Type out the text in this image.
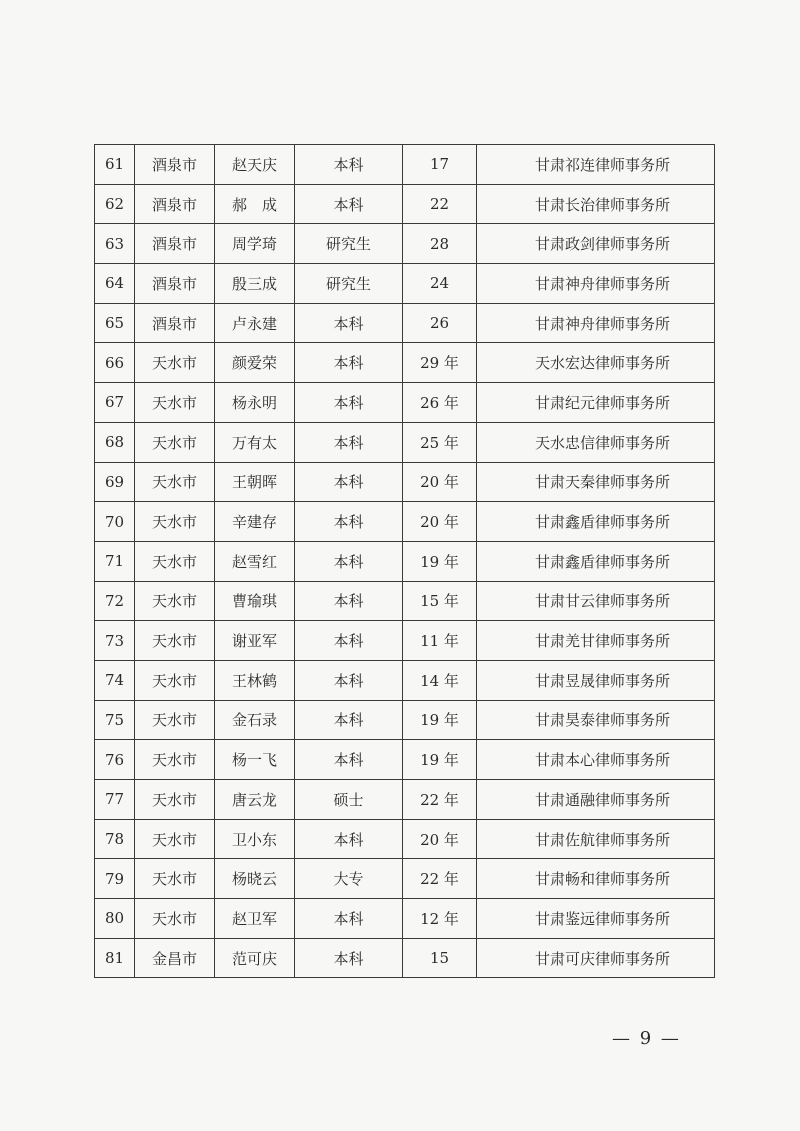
61	酒泉市	赵天庆	本科	17	甘肃祁连律师事务所
62	酒泉市	郝　成	本科	22	甘肃长治律师事务所
63	酒泉市	周学琦	研究生	28	甘肃政剑律师事务所
64	酒泉市	殷三成	研究生	24	甘肃神舟律师事务所
65	酒泉市	卢永建	本科	26	甘肃神舟律师事务所
66	天水市	颜爱荣	本科	29 年	天水宏达律师事务所
67	天水市	杨永明	本科	26 年	甘肃纪元律师事务所
68	天水市	万有太	本科	25 年	天水忠信律师事务所
69	天水市	王朝晖	本科	20 年	甘肃天秦律师事务所
70	天水市	辛建存	本科	20 年	甘肃鑫盾律师事务所
71	天水市	赵雪红	本科	19 年	甘肃鑫盾律师事务所
72	天水市	曹瑜琪	本科	15 年	甘肃甘云律师事务所
73	天水市	谢亚军	本科	11 年	甘肃羌甘律师事务所
74	天水市	王林鹤	本科	14 年	甘肃昱晟律师事务所
75	天水市	金石录	本科	19 年	甘肃昊泰律师事务所
76	天水市	杨一飞	本科	19 年	甘肃本心律师事务所
77	天水市	唐云龙	硕士	22 年	甘肃通融律师事务所
78	天水市	卫小东	本科	20 年	甘肃佐航律师事务所
79	天水市	杨晓云	大专	22 年	甘肃畅和律师事务所
80	天水市	赵卫军	本科	12 年	甘肃鉴远律师事务所
81	金昌市	范可庆	本科	15	甘肃可庆律师事务所
— 9 —
